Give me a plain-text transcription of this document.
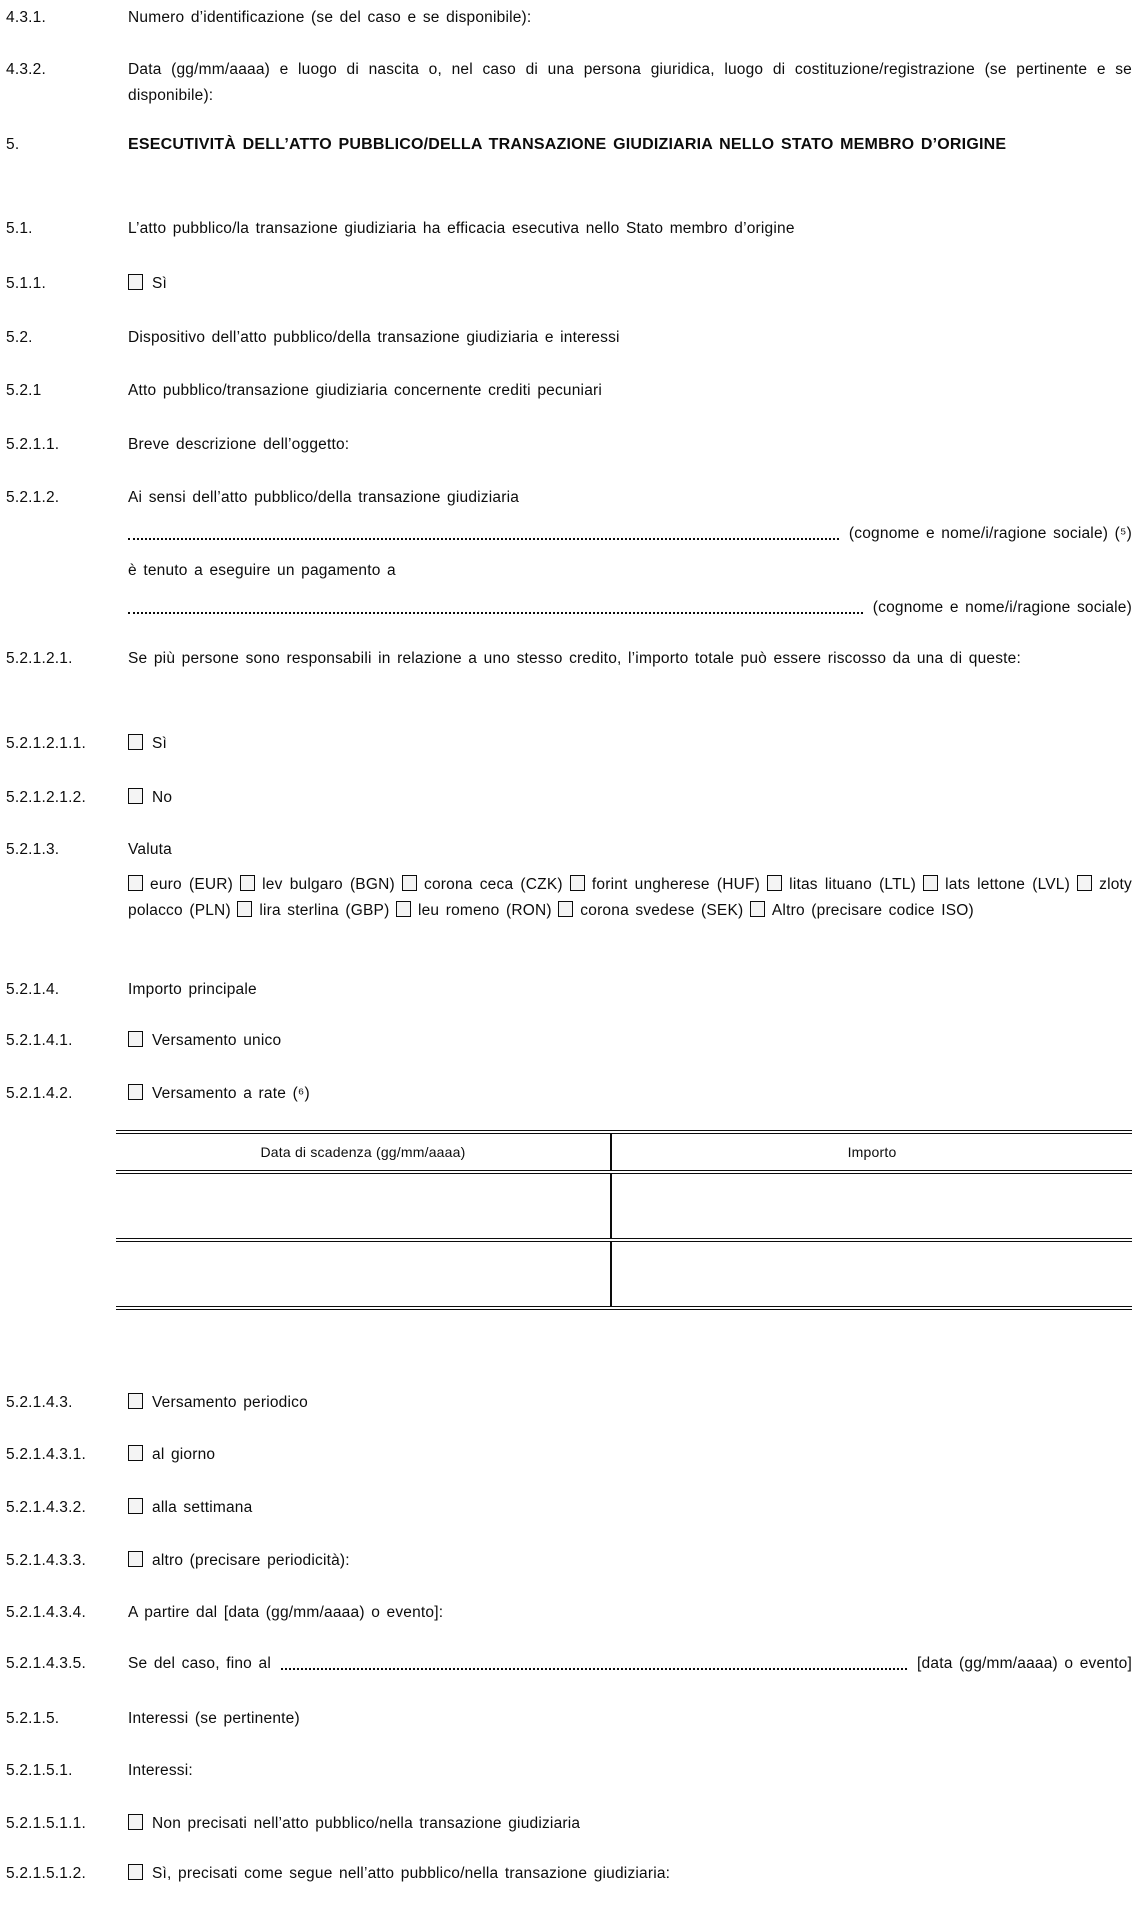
4.3.1.	Numero d’identificazione (se del caso e se disponibile):
4.3.2.	Data (gg/mm/aaaa) e luogo di nascita o, nel caso di una persona giuridica, luogo di costituzione/registrazione (se pertinente e se disponibile):
5.	ESECUTIVITÀ DELL’ATTO PUBBLICO/DELLA TRANSAZIONE GIUDIZIARIA NELLO STATO MEMBRO D’ORIGINE
5.1.	L’atto pubblico/la transazione giudiziaria ha efficacia esecutiva nello Stato membro d’origine
5.1.1.	Sì
5.2.	Dispositivo dell’atto pubblico/della transazione giudiziaria e interessi
5.2.1	Atto pubblico/transazione giudiziaria concernente crediti pecuniari
5.2.1.1.	Breve descrizione dell’oggetto:
5.2.1.2.	Ai sensi dell’atto pubblico/della transazione giudiziaria
(cognome e nome/i/ragione sociale) (⁵)
è tenuto a eseguire un pagamento a
(cognome e nome/i/ragione sociale)
5.2.1.2.1.	Se più persone sono responsabili in relazione a uno stesso credito, l’importo totale può essere riscosso da una di queste:
5.2.1.2.1.1.	Sì
5.2.1.2.1.2.	No
5.2.1.3.	Valuta
euro (EUR) lev bulgaro (BGN) corona ceca (CZK) forint ungherese (HUF) litas lituano (LTL) lats lettone (LVL) zloty polacco (PLN) lira sterlina (GBP) leu romeno (RON) corona svedese (SEK) Altro (precisare codice ISO)
5.2.1.4.	Importo principale
5.2.1.4.1.	Versamento unico
5.2.1.4.2.	Versamento a rate (⁶)
Data di scadenza (gg/mm/aaaa)	Importo

5.2.1.4.3.	Versamento periodico
5.2.1.4.3.1.	al giorno
5.2.1.4.3.2.	alla settimana
5.2.1.4.3.3.	altro (precisare periodicità):
5.2.1.4.3.4.	A partire dal [data (gg/mm/aaaa) o evento]:
5.2.1.4.3.5.	Se del caso, fino al	[data (gg/mm/aaaa) o evento]
5.2.1.5.	Interessi (se pertinente)
5.2.1.5.1.	Interessi:
5.2.1.5.1.1.	Non precisati nell’atto pubblico/nella transazione giudiziaria
5.2.1.5.1.2.	Sì, precisati come segue nell’atto pubblico/nella transazione giudiziaria:
